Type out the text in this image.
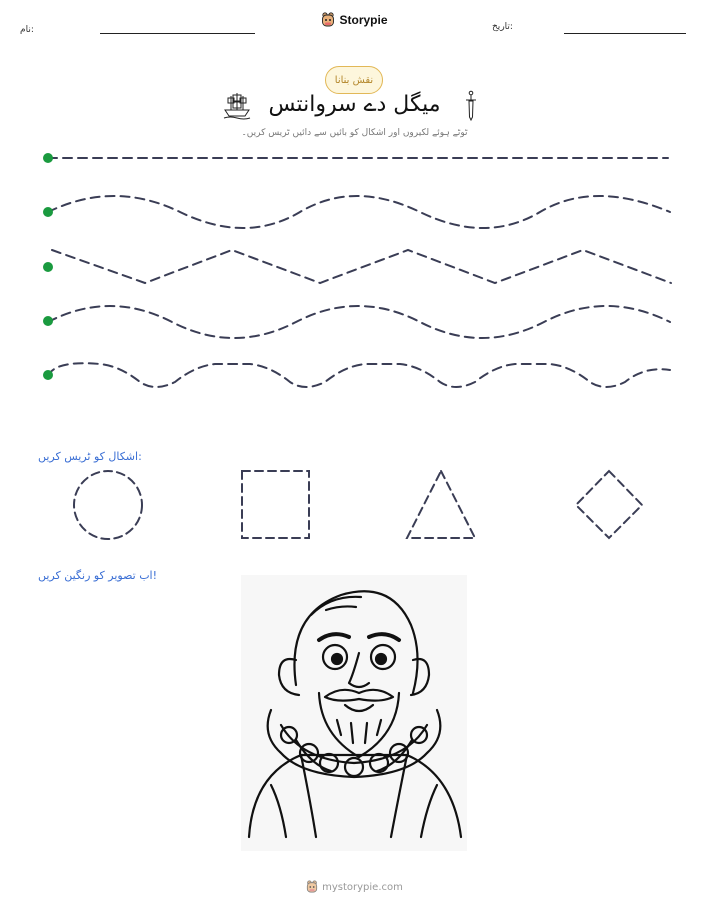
نام:
Storypie	تاریخ:
نقش بنانا
میگل دے سروانتس
ٹوٹے ہوئے لکیروں اور اشکال کو بائیں سے دائیں ٹریس کریں۔
اشکال کو ٹریس کریں:
اب تصویر کو رنگین کریں!
mystorypie.com
